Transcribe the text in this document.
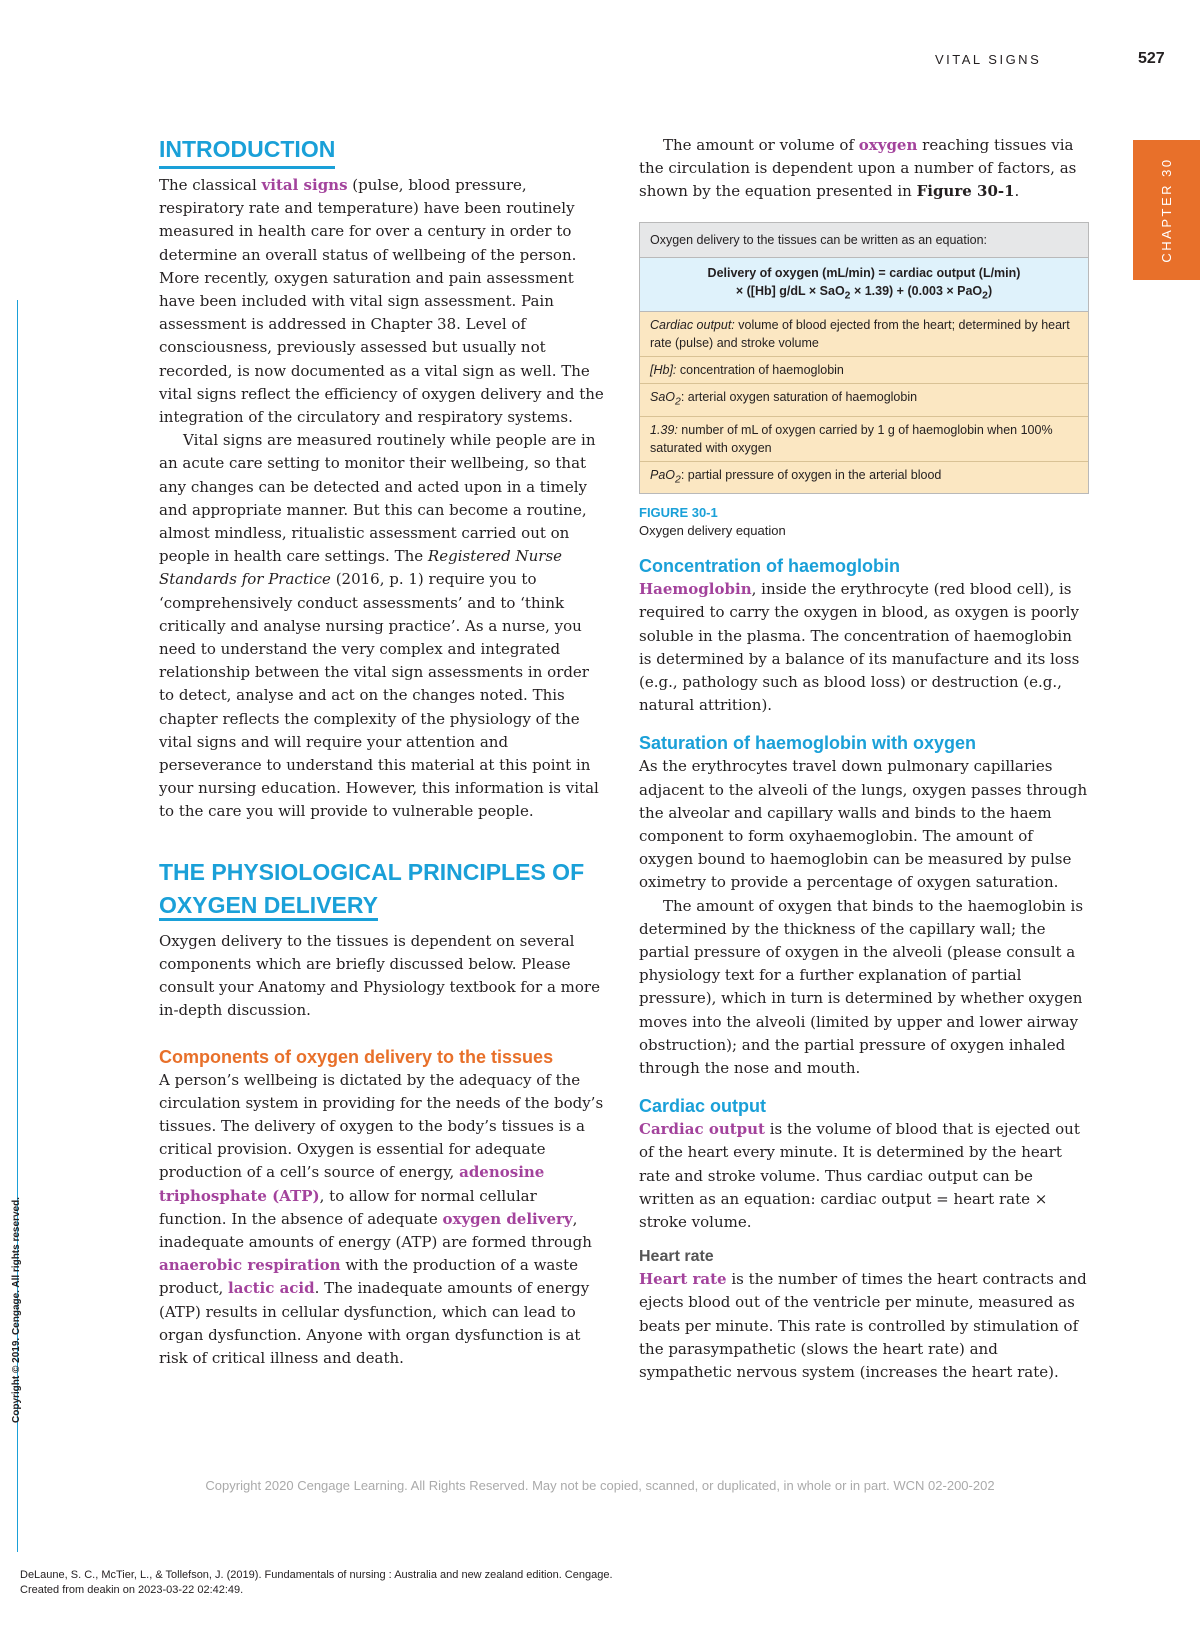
VITAL SIGNS	527
CHAPTER 30
INTRODUCTION

The classical vital signs (pulse, blood pressure, respiratory rate and temperature) have been routinely measured in health care for over a century in order to determine an overall status of wellbeing of the person. More recently, oxygen saturation and pain assessment have been included with vital sign assessment. Pain assessment is addressed in Chapter 38. Level of consciousness, previously assessed but usually not recorded, is now documented as a vital sign as well. The vital signs reflect the efficiency of oxygen delivery and the integration of the circulatory and respiratory systems.

Vital signs are measured routinely while people are in an acute care setting to monitor their wellbeing, so that any changes can be detected and acted upon in a timely and appropriate manner. But this can become a routine, almost mindless, ritualistic assessment carried out on people in health care settings. The Registered Nurse Standards for Practice (2016, p. 1) require you to ‘comprehensively conduct assessments’ and to ‘think critically and analyse nursing practice’. As a nurse, you need to understand the very complex and integrated relationship between the vital sign assessments in order to detect, analyse and act on the changes noted. This chapter reflects the complexity of the physiology of the vital signs and will require your attention and perseverance to understand this material at this point in your nursing education. However, this information is vital to the care you will provide to vulnerable people.

THE PHYSIOLOGICAL PRINCIPLES OF
OXYGEN DELIVERY

Oxygen delivery to the tissues is dependent on several components which are briefly discussed below. Please consult your Anatomy and Physiology textbook for a more in-depth discussion.

Components of oxygen delivery to the tissues

A person’s wellbeing is dictated by the adequacy of the circulation system in providing for the needs of the body’s tissues. The delivery of oxygen to the body’s tissues is a critical provision. Oxygen is essential for adequate production of a cell’s source of energy, adenosine triphosphate (ATP), to allow for normal cellular function. In the absence of adequate oxygen delivery, inadequate amounts of energy (ATP) are formed through anaerobic respiration with the production of a waste product, lactic acid. The inadequate amounts of energy (ATP) results in cellular dysfunction, which can lead to organ dysfunction. Anyone with organ dysfunction is at risk of critical illness and death.

The amount or volume of oxygen reaching tissues via the circulation is dependent upon a number of factors, as shown by the equation presented in Figure 30-1.

Oxygen delivery to the tissues can be written as an equation:
Delivery of oxygen (mL/min) = cardiac output (L/min)
× ([Hb] g/dL × SaO$_2$ × 1.39) + (0.003 × PaO$_2$)
Cardiac output: volume of blood ejected from the heart; determined by heart rate (pulse) and stroke volume
[Hb]: concentration of haemoglobin
SaO$_2$: arterial oxygen saturation of haemoglobin
1.39: number of mL of oxygen carried by 1 g of haemoglobin when 100% saturated with oxygen
PaO$_2$: partial pressure of oxygen in the arterial blood
FIGURE 30-1
Oxygen delivery equation
Concentration of haemoglobin

Haemoglobin, inside the erythrocyte (red blood cell), is required to carry the oxygen in blood, as oxygen is poorly soluble in the plasma. The concentration of haemoglobin is determined by a balance of its manufacture and its loss (e.g., pathology such as blood loss) or destruction (e.g., natural attrition).

Saturation of haemoglobin with oxygen

As the erythrocytes travel down pulmonary capillaries adjacent to the alveoli of the lungs, oxygen passes through the alveolar and capillary walls and binds to the haem component to form oxyhaemoglobin. The amount of oxygen bound to haemoglobin can be measured by pulse oximetry to provide a percentage of oxygen saturation.

The amount of oxygen that binds to the haemoglobin is determined by the thickness of the capillary wall; the partial pressure of oxygen in the alveoli (please consult a physiology text for a further explanation of partial pressure), which in turn is determined by whether oxygen moves into the alveoli (limited by upper and lower airway obstruction); and the partial pressure of oxygen inhaled through the nose and mouth.

Cardiac output

Cardiac output is the volume of blood that is ejected out of the heart every minute. It is determined by the heart rate and stroke volume. Thus cardiac output can be written as an equation: cardiac output = heart rate × stroke volume.

Heart rate

Heart rate is the number of times the heart contracts and ejects blood out of the ventricle per minute, measured as beats per minute. This rate is controlled by stimulation of the parasympathetic (slows the heart rate) and sympathetic nervous system (increases the heart rate).

Copyright 2020 Cengage Learning. All Rights Reserved. May not be copied, scanned, or duplicated, in whole or in part. WCN 02-200-202
Copyright © 2019. Cengage. All rights reserved.
DeLaune, S. C., McTier, L., & Tollefson, J. (2019). Fundamentals of nursing : Australia and new zealand edition. Cengage.
Created from deakin on 2023-03-22 02:42:49.
